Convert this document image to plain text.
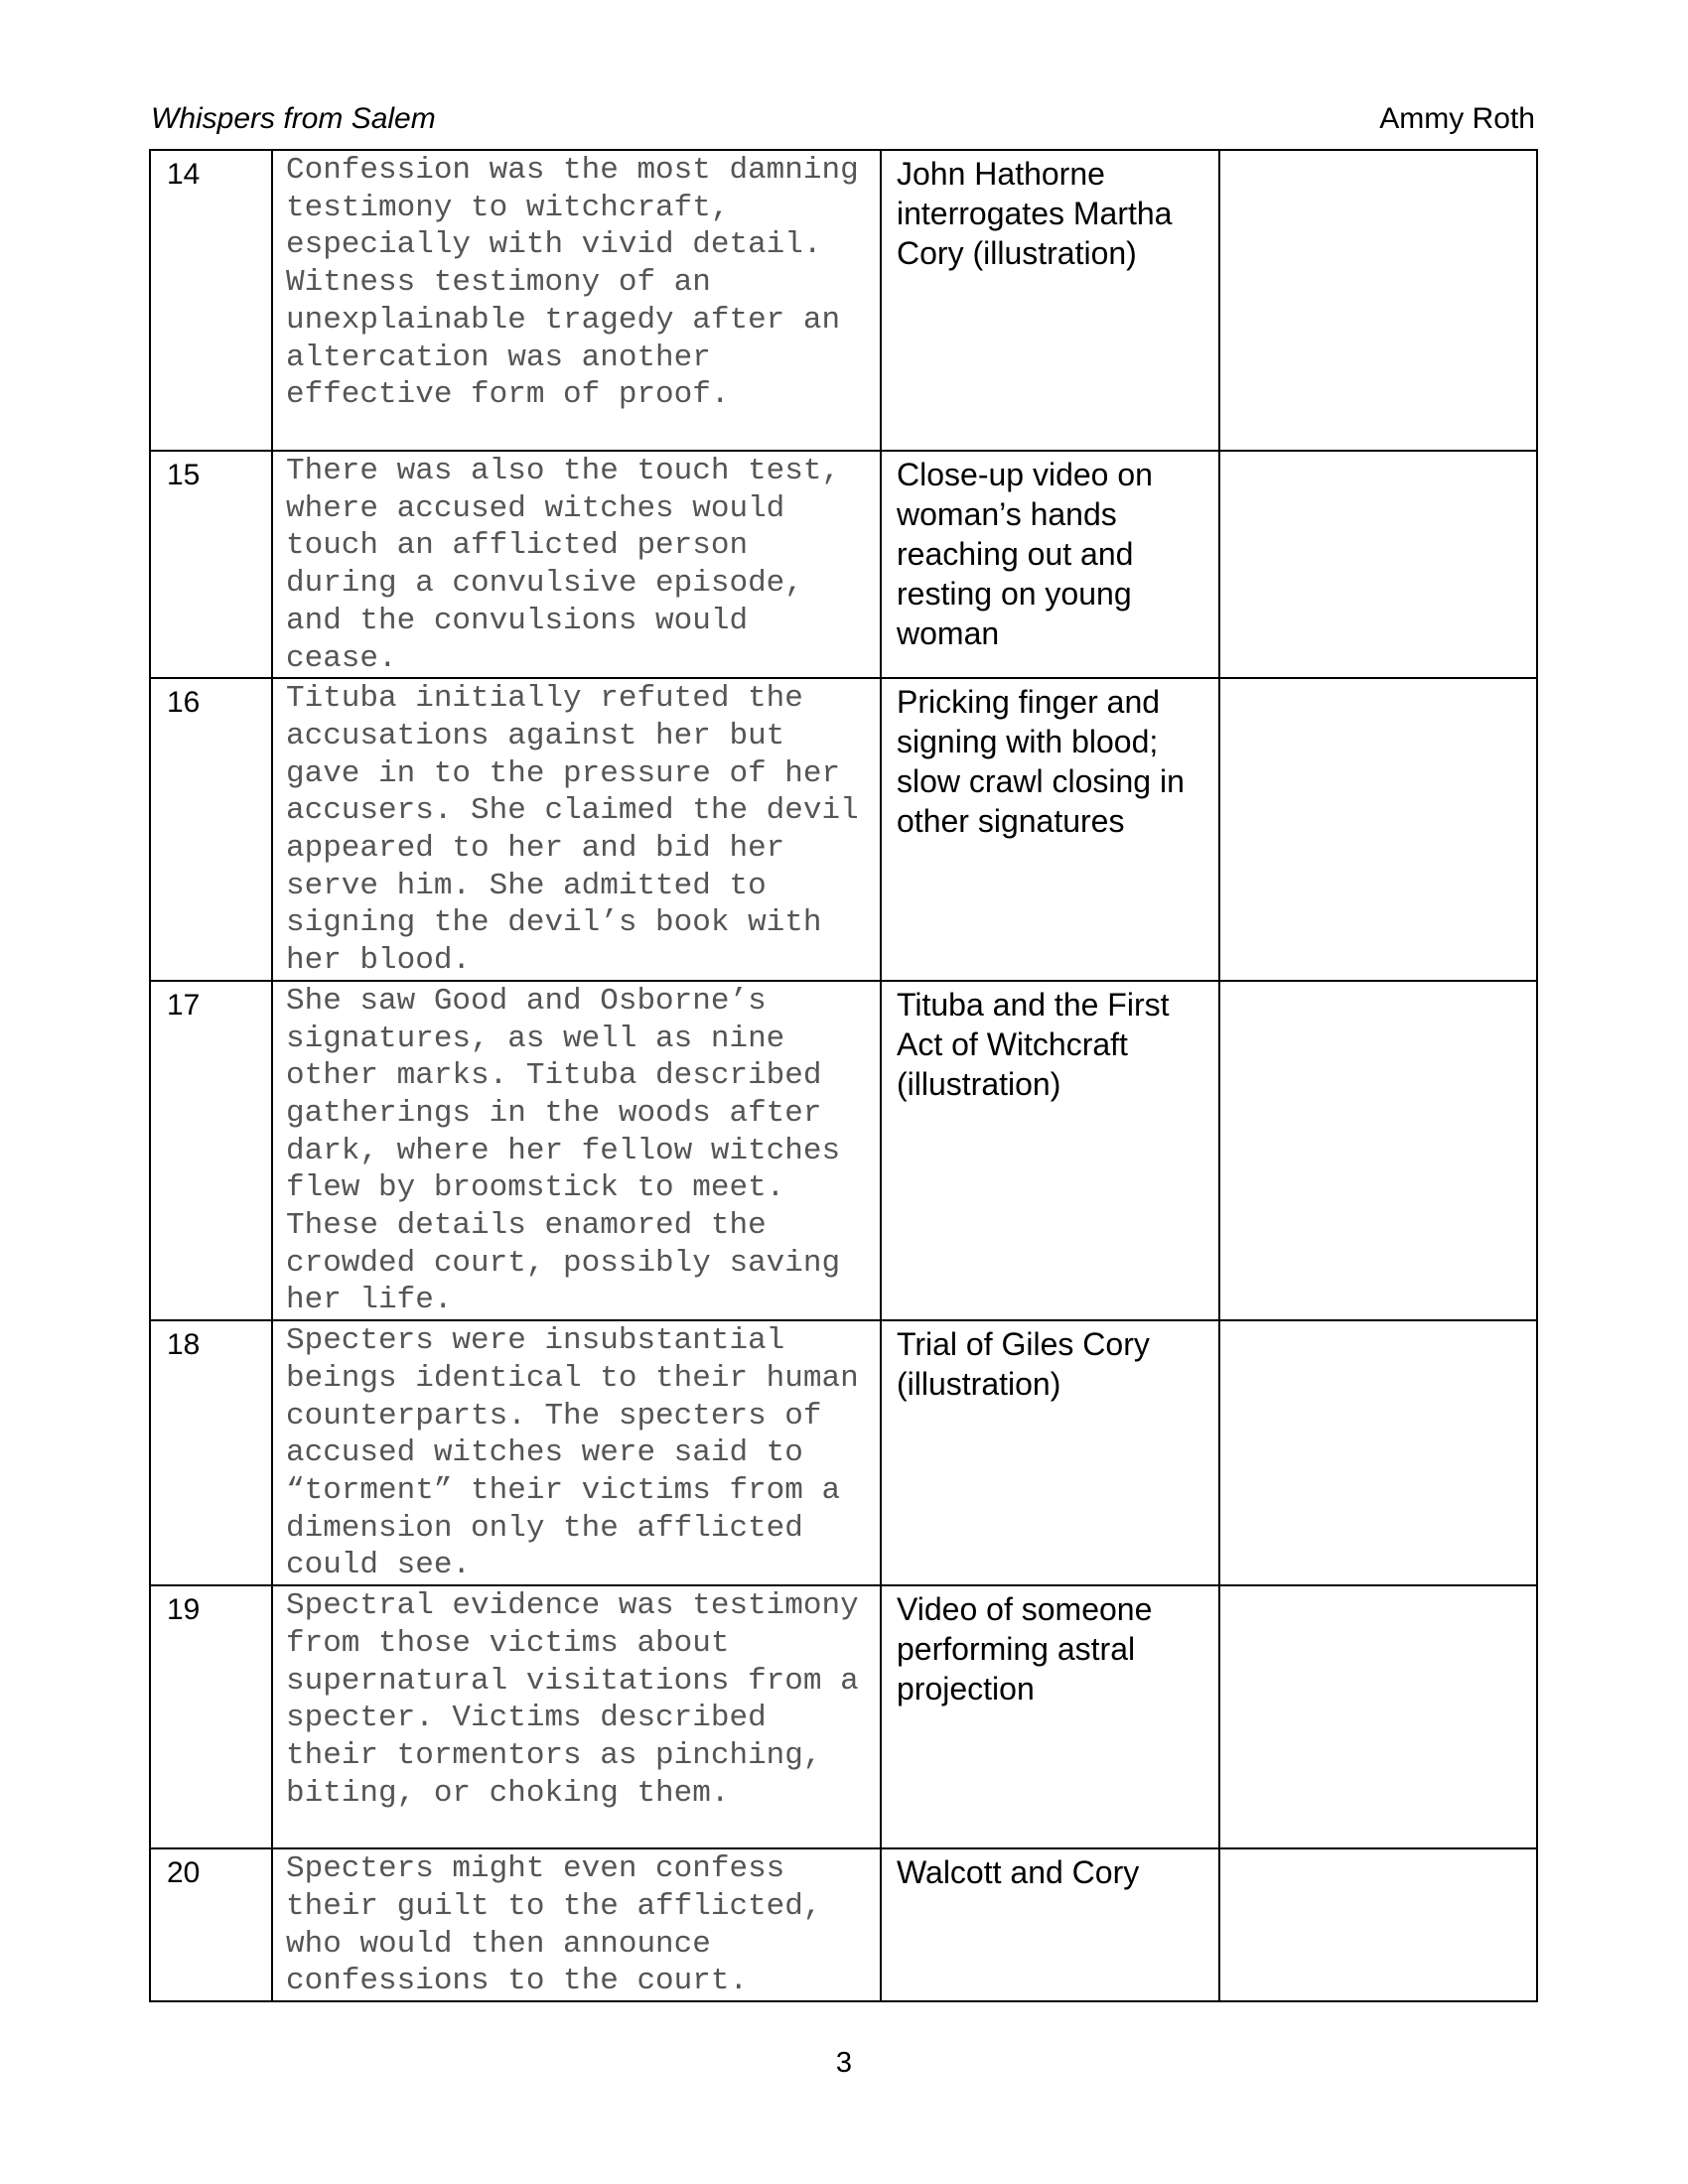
Whispers from Salem	Ammy Roth
14	Confession was the most damning testimony to witchcraft, especially with vivid detail. Witness testimony of an unexplainable tragedy after an altercation was another effective form of proof.	John Hathorne interrogates Martha Cory (illustration)	
15	There was also the touch test, where accused witches would touch an afflicted person during a convulsive episode, and the convulsions would cease.	Close-up video on woman’s hands reaching out and resting on young woman	
16	Tituba initially refuted the accusations against her but gave in to the pressure of her accusers. She claimed the devil appeared to her and bid her serve him. She admitted to signing the devil’s book with her blood.	Pricking finger and signing with blood; slow crawl closing in other signatures	
17	She saw Good and Osborne’s signatures, as well as nine other marks. Tituba described gatherings in the woods after dark, where her fellow witches flew by broomstick to meet. These details enamored the crowded court, possibly saving her life.	Tituba and the First Act of Witchcraft (illustration)	
18	Specters were insubstantial beings identical to their human counterparts. The specters of accused witches were said to “torment” their victims from a dimension only the afflicted could see.	Trial of Giles Cory (illustration)	
19	Spectral evidence was testimony from those victims about supernatural visitations from a specter. Victims described their tormentors as pinching, biting, or choking them.	Video of someone performing astral projection	
20	Specters might even confess their guilt to the afflicted, who would then announce confessions to the court.	Walcott and Cory	
3
